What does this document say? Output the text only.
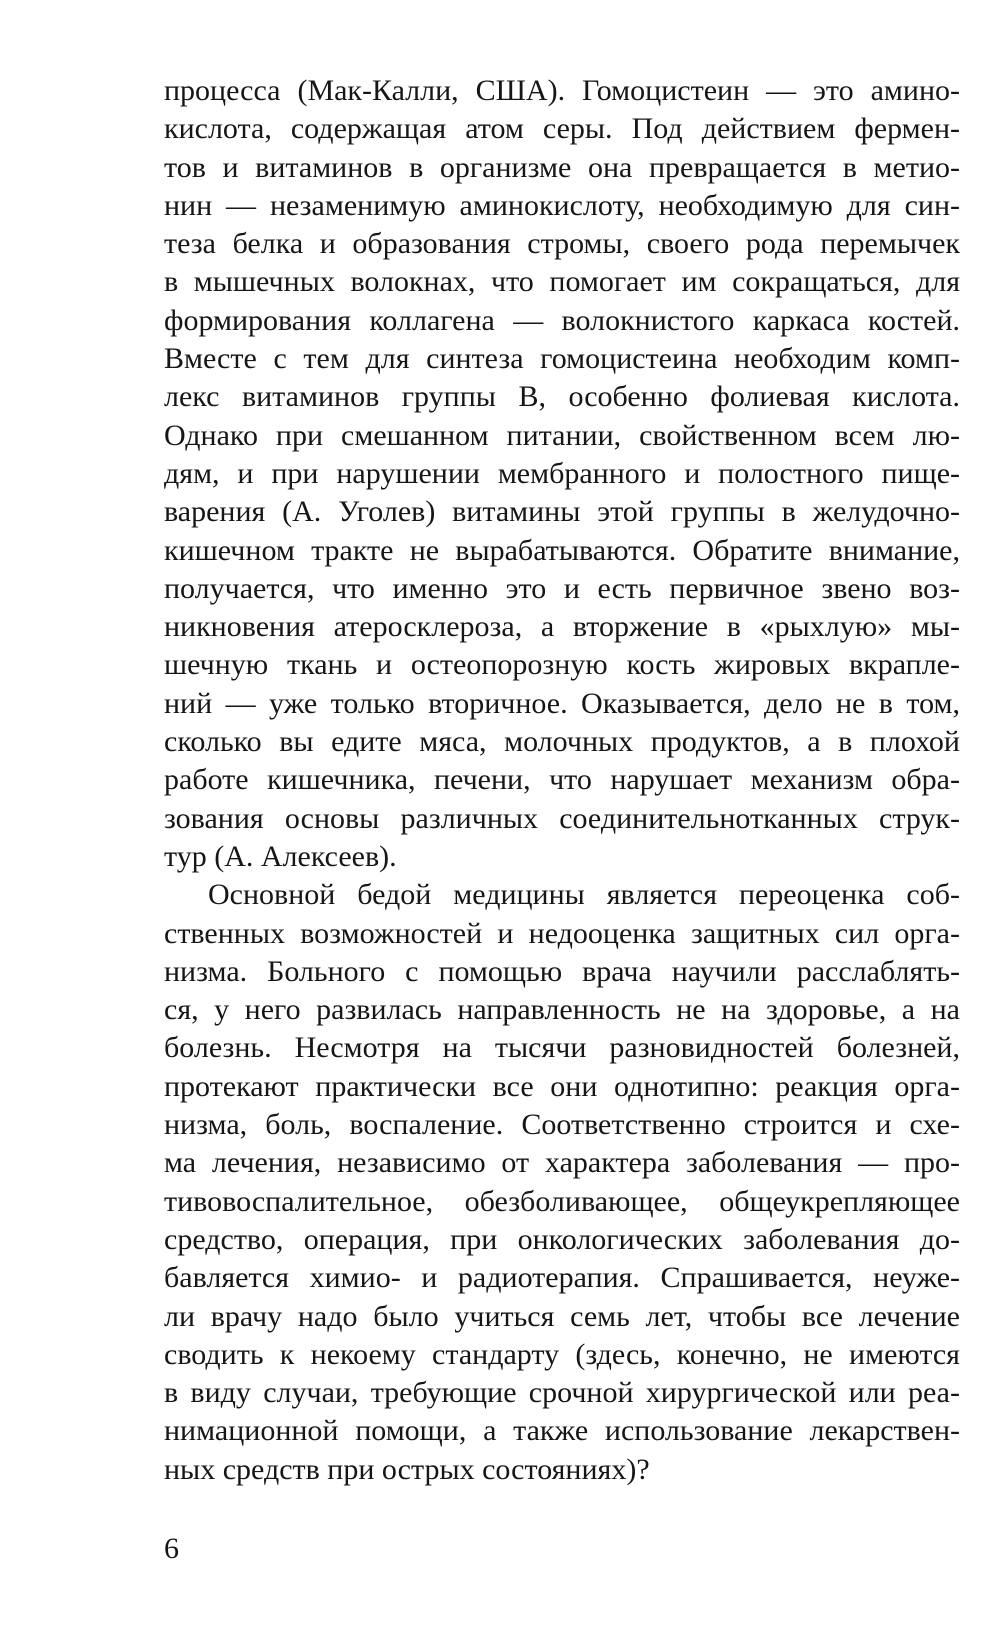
процесса (Мак-Калли, США). Гомоцистеин — это амино-
кислота, содержащая атом серы. Под действием фермен-
тов и витаминов в организме она превращается в метио-
нин — незаменимую аминокислоту, необходимую для син-
теза белка и образования стромы, своего рода перемычек
в мышечных волокнах, что помогает им сокращаться, для
формирования коллагена — волокнистого каркаса костей.
Вместе с тем для синтеза гомоцистеина необходим комп-
лекс витаминов группы В, особенно фолиевая кислота.
Однако при смешанном питании, свойственном всем лю-
дям, и при нарушении мембранного и полостного пище-
варения (А. Уголев) витамины этой группы в желудочно-
кишечном тракте не вырабатываются. Обратите внимание,
получается, что именно это и есть первичное звено воз-
никновения атеросклероза, а вторжение в «рыхлую» мы-
шечную ткань и остеопорозную кость жировых вкрапле-
ний — уже только вторичное. Оказывается, дело не в том,
сколько вы едите мяса, молочных продуктов, а в плохой
работе кишечника, печени, что нарушает механизм обра-
зования основы различных соединительнотканных струк-
тур (А. Алексеев).
Основной бедой медицины является переоценка соб-
ственных возможностей и недооценка защитных сил орга-
низма. Больного с помощью врача научили расслаблять-
ся, у него развилась направленность не на здоровье, а на
болезнь. Несмотря на тысячи разновидностей болезней,
протекают практически все они однотипно: реакция орга-
низма, боль, воспаление. Соответственно строится и схе-
ма лечения, независимо от характера заболевания — про-
тивовоспалительное, обезболивающее, общеукрепляющее
средство, операция, при онкологических заболевания до-
бавляется химио- и радиотерапия. Спрашивается, неуже-
ли врачу надо было учиться семь лет, чтобы все лечение
сводить к некоему стандарту (здесь, конечно, не имеются
в виду случаи, требующие срочной хирургической или реа-
нимационной помощи, а также использование лекарствен-
ных средств при острых состояниях)?
6
